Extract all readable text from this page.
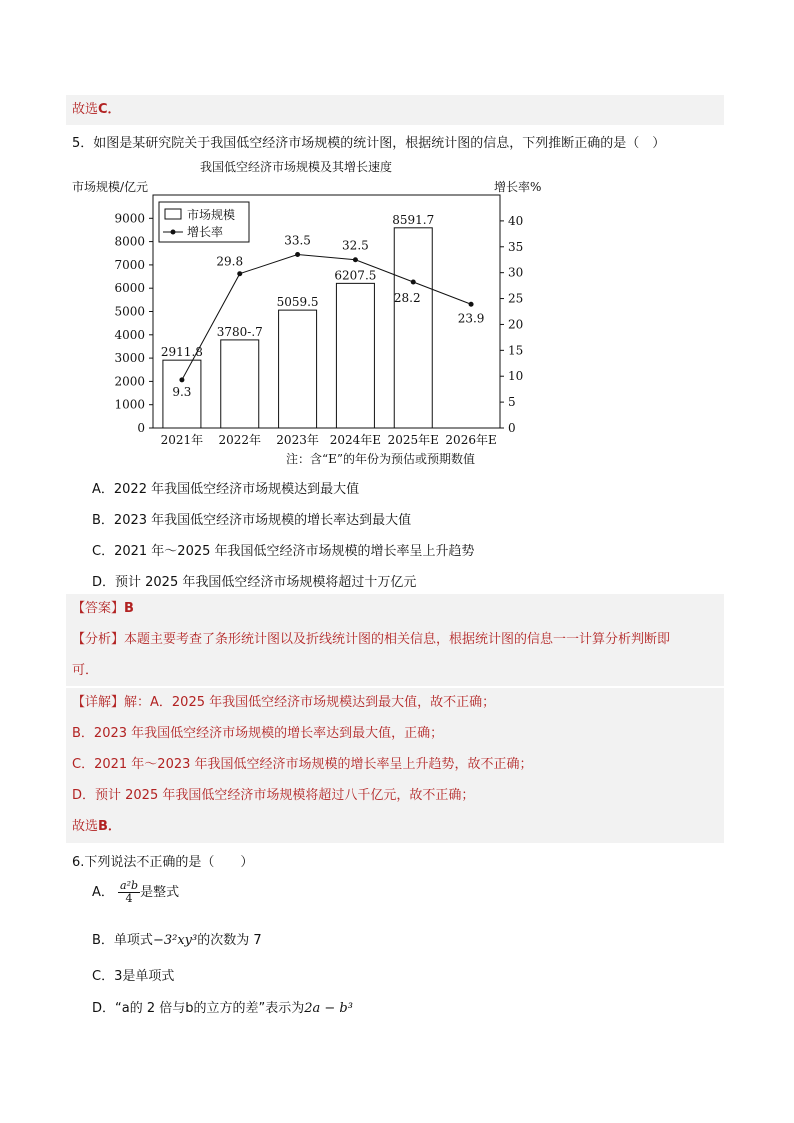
故选C．
5．如图是某研究院关于我国低空经济市场规模的统计图，根据统计图的信息，下列推断正确的是（　）
我国低空经济市场规模及其增长速度
市场规模/亿元	增长率%
0
1000
2000
3000
4000
5000
6000
7000
8000
9000
0
5
10
15
20
25
30
35
40
2021年 2022年 2023年 2024年E 2025年E 2026年E
2911.8
3780-.7
5059.5
6207.5
8591.7
9.3
29.8
33.5	32.5
28.2
23.9
市场规模
增长率
注：含“E”的年份为预估或预期数值
A．2022 年我国低空经济市场规模达到最大值
B．2023 年我国低空经济市场规模的增长率达到最大值
C．2021 年～2025 年我国低空经济市场规模的增长率呈上升趋势
D．预计 2025 年我国低空经济市场规模将超过十万亿元
【答案】B
【分析】本题主要考查了条形统计图以及折线统计图的相关信息，根据统计图的信息一一计算分析判断即
可．
【详解】解：A．2025 年我国低空经济市场规模达到最大值，故不正确；
B．2023 年我国低空经济市场规模的增长率达到最大值，正确；
C．2021 年～2023 年我国低空经济市场规模的增长率呈上升趋势，故不正确；
D．预计 2025 年我国低空经济市场规模将超过八千亿元，故不正确；
故选B．
6.下列说法不正确的是（　　）
A． $\frac{\text{a²b}}{4}$ 是整式
B．单项式−3²xy³的次数为 7
C．3是单项式
D．“a的 2 倍与b的立方的差”表示为2a − b³
